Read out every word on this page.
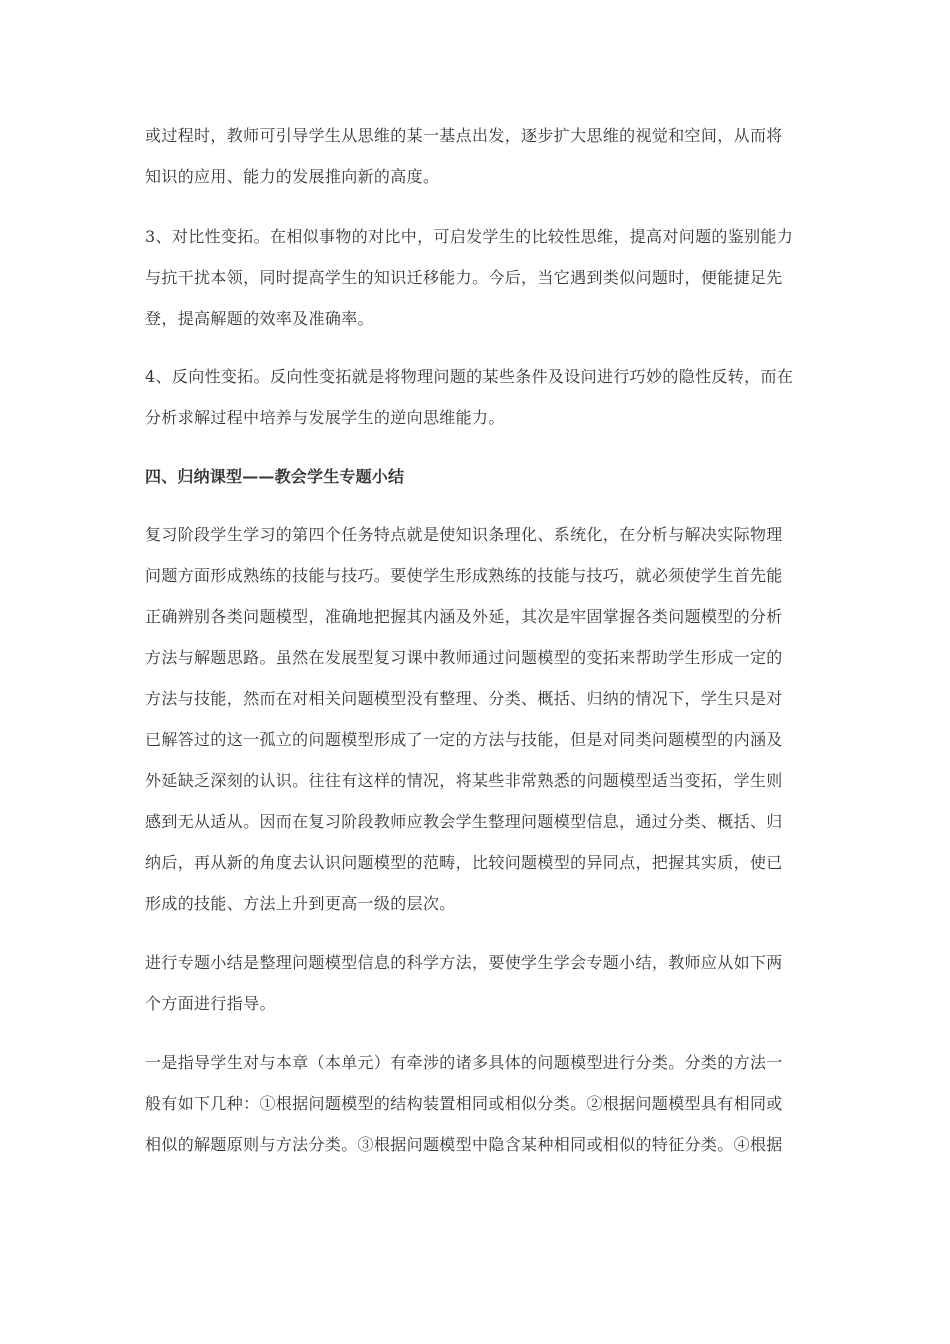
或过程时，教师可引导学生从思维的某一基点出发，逐步扩大思维的视觉和空间，从而将
知识的应用、能力的发展推向新的高度。
3、对比性变拓。在相似事物的对比中，可启发学生的比较性思维，提高对问题的鉴别能力
与抗干扰本领，同时提高学生的知识迁移能力。今后，当它遇到类似问题时，便能捷足先
登，提高解题的效率及准确率。
4、反向性变拓。反向性变拓就是将物理问题的某些条件及设问进行巧妙的隐性反转，而在
分析求解过程中培养与发展学生的逆向思维能力。
四、归纳课型——教会学生专题小结
复习阶段学生学习的第四个任务特点就是使知识条理化、系统化，在分析与解决实际物理
问题方面形成熟练的技能与技巧。要使学生形成熟练的技能与技巧，就必须使学生首先能
正确辨别各类问题模型，准确地把握其内涵及外延，其次是牢固掌握各类问题模型的分析
方法与解题思路。虽然在发展型复习课中教师通过问题模型的变拓来帮助学生形成一定的
方法与技能，然而在对相关问题模型没有整理、分类、概括、归纳的情况下，学生只是对
已解答过的这一孤立的问题模型形成了一定的方法与技能，但是对同类问题模型的内涵及
外延缺乏深刻的认识。往往有这样的情况，将某些非常熟悉的问题模型适当变拓，学生则
感到无从适从。因而在复习阶段教师应教会学生整理问题模型信息，通过分类、概括、归
纳后，再从新的角度去认识问题模型的范畴，比较问题模型的异同点，把握其实质，使已
形成的技能、方法上升到更高一级的层次。
进行专题小结是整理问题模型信息的科学方法，要使学生学会专题小结，教师应从如下两
个方面进行指导。
一是指导学生对与本章（本单元）有牵涉的诸多具体的问题模型进行分类。分类的方法一
般有如下几种：①根据问题模型的结构装置相同或相似分类。②根据问题模型具有相同或
相似的解题原则与方法分类。③根据问题模型中隐含某种相同或相似的特征分类。④根据
